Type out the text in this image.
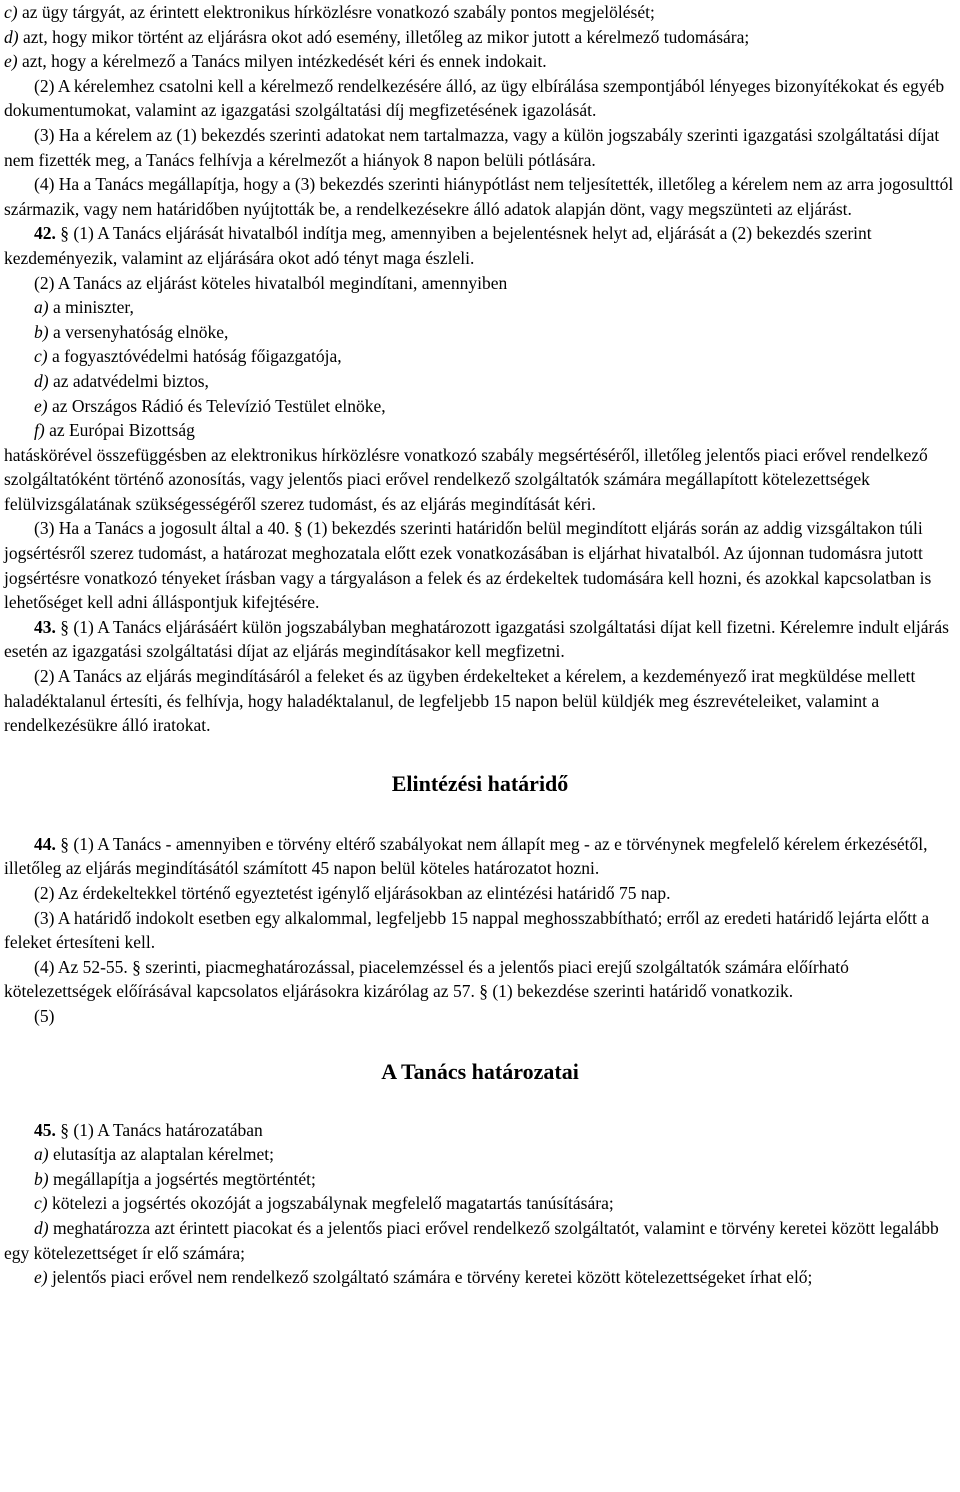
c) az ügy tárgyát, az érintett elektronikus hírközlésre vonatkozó szabály pontos megjelölését;

d) azt, hogy mikor történt az eljárásra okot adó esemény, illetőleg az mikor jutott a kérelmező tudomására;

e) azt, hogy a kérelmező a Tanács milyen intézkedését kéri és ennek indokait.

(2) A kérelemhez csatolni kell a kérelmező rendelkezésére álló, az ügy elbírálása szempontjából lényeges bizonyítékokat és egyéb dokumentumokat, valamint az igazgatási szolgáltatási díj megfizetésének igazolását.

(3) Ha a kérelem az (1) bekezdés szerinti adatokat nem tartalmazza, vagy a külön jogszabály szerinti igazgatási szolgáltatási díjat nem fizették meg, a Tanács felhívja a kérelmezőt a hiányok 8 napon belüli pótlására.

(4) Ha a Tanács megállapítja, hogy a (3) bekezdés szerinti hiánypótlást nem teljesítették, illetőleg a kérelem nem az arra jogosulttól származik, vagy nem határidőben nyújtották be, a rendelkezésekre álló adatok alapján dönt, vagy megszünteti az eljárást.

42. § (1) A Tanács eljárását hivatalból indítja meg, amennyiben a bejelentésnek helyt ad, eljárását a (2) bekezdés szerint kezdeményezik, valamint az eljárására okot adó tényt maga észleli.

(2) A Tanács az eljárást köteles hivatalból megindítani, amennyiben

a) a miniszter,

b) a versenyhatóság elnöke,

c) a fogyasztóvédelmi hatóság főigazgatója,

d) az adatvédelmi biztos,

e) az Országos Rádió és Televízió Testület elnöke,

f) az Európai Bizottság

hatáskörével összefüggésben az elektronikus hírközlésre vonatkozó szabály megsértéséről, illetőleg jelentős piaci erővel rendelkező szolgáltatóként történő azonosítás, vagy jelentős piaci erővel rendelkező szolgáltatók számára megállapított kötelezettségek felülvizsgálatának szükségességéről szerez tudomást, és az eljárás megindítását kéri.

(3) Ha a Tanács a jogosult által a 40. § (1) bekezdés szerinti határidőn belül megindított eljárás során az addig vizsgáltakon túli jogsértésről szerez tudomást, a határozat meghozatala előtt ezek vonatkozásában is eljárhat hivatalból. Az újonnan tudomásra jutott jogsértésre vonatkozó tényeket írásban vagy a tárgyaláson a felek és az érdekeltek tudomására kell hozni, és azokkal kapcsolatban is lehetőséget kell adni álláspontjuk kifejtésére.

43. § (1) A Tanács eljárásáért külön jogszabályban meghatározott igazgatási szolgáltatási díjat kell fizetni. Kérelemre indult eljárás esetén az igazgatási szolgáltatási díjat az eljárás megindításakor kell megfizetni.

(2) A Tanács az eljárás megindításáról a feleket és az ügyben érdekelteket a kérelem, a kezdeményező irat megküldése mellett haladéktalanul értesíti, és felhívja, hogy haladéktalanul, de legfeljebb 15 napon belül küldjék meg észrevételeiket, valamint a rendelkezésükre álló iratokat.

Elintézési határidő

44. § (1) A Tanács - amennyiben e törvény eltérő szabályokat nem állapít meg - az e törvénynek megfelelő kérelem érkezésétől, illetőleg az eljárás megindításától számított 45 napon belül köteles határozatot hozni.

(2) Az érdekeltekkel történő egyeztetést igénylő eljárásokban az elintézési határidő 75 nap.

(3) A határidő indokolt esetben egy alkalommal, legfeljebb 15 nappal meghosszabbítható; erről az eredeti határidő lejárta előtt a feleket értesíteni kell.

(4) Az 52-55. § szerinti, piacmeghatározással, piacelemzéssel és a jelentős piaci erejű szolgáltatók számára előírható kötelezettségek előírásával kapcsolatos eljárásokra kizárólag az 57. § (1) bekezdése szerinti határidő vonatkozik.

(5)

A Tanács határozatai

45. § (1) A Tanács határozatában

a) elutasítja az alaptalan kérelmet;

b) megállapítja a jogsértés megtörténtét;

c) kötelezi a jogsértés okozóját a jogszabálynak megfelelő magatartás tanúsítására;

d) meghatározza azt érintett piacokat és a jelentős piaci erővel rendelkező szolgáltatót, valamint e törvény keretei között legalább egy kötelezettséget ír elő számára;

e) jelentős piaci erővel nem rendelkező szolgáltató számára e törvény keretei között kötelezettségeket írhat elő;
